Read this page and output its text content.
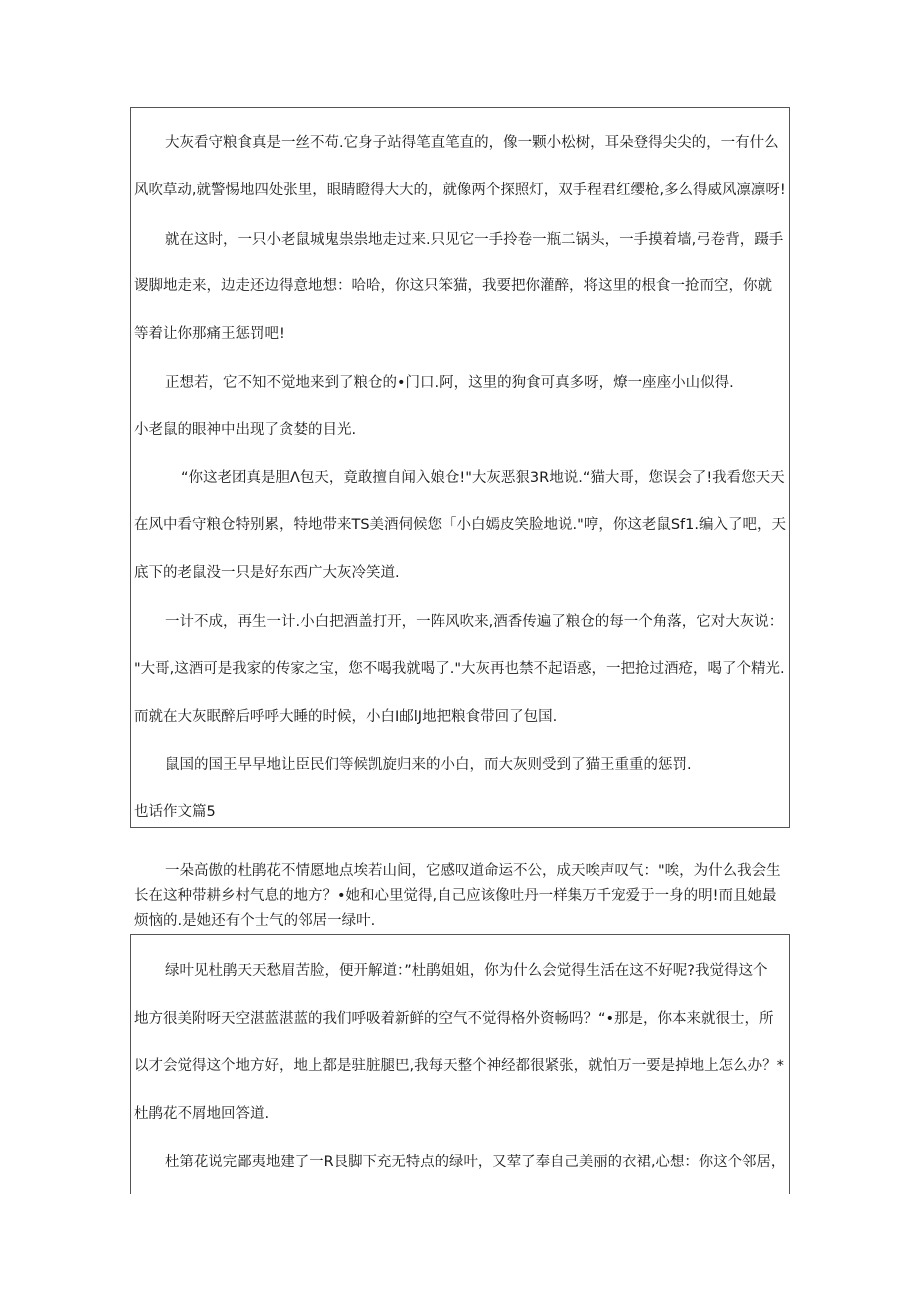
大灰看守粮食真是一丝不苟.它身子站得笔直笔直的，像一颗小松树，耳朵登得尖尖的，一有什么
风吹草动,就警惕地四处张里，眼睛瞪得大大的，就像两个探照灯，双手程君红缨枪,多么得威风凛凛呀!
就在这时，一只小老鼠城鬼祟祟地走过来.只见它一手拎卷一瓶二锅头，一手摸着墙,弓卷背，蹑手
谡脚地走来，边走还边得意地想：哈哈，你这只笨猫，我要把你灌醉，将这里的根食一抢而空，你就
等着让你那痛王惩罚吧!
正想若，它不知不觉地来到了粮仓的•门口.阿，这里的狗食可真多呀，燎一座座小山似得.
小老鼠的眼神中出现了贪婪的目光.
“你这老团真是胆Λ包天，竟敢擅自闻入娘仓!"大灰恶狠3R地说.“猫大哥，您误会了!我看您天天
在风中看守粮仓特别累，特地带来TS美酒伺候您「小白嫣皮笑脸地说."哼，你这老鼠Sf1.编入了吧，天
底下的老鼠没一只是好东西广大灰冷笑道.
一计不成，再生一计.小白把酒盖打开，一阵风吹来,酒香传遍了粮仓的每一个角落，它对大灰说：
"大哥,这酒可是我家的传家之宝，您不喝我就喝了."大灰再也禁不起语惑，一把抢过酒疮，喝了个精光.
而就在大灰眠醉后呼呼大睡的时候，小白I邮lJ地把粮食带回了包国.
鼠国的国王早早地让臣民们等候凯旋归来的小白，而大灰则受到了猫王重重的惩罚.
也话作文篇5
一朵高傲的杜鹃花不情愿地点埃若山间，它感叹道命运不公，成天唉声叹气："唉，为什么我会生
长在这种带耕乡村气息的地方？•她和心里觉得,自己应该像吐丹一样集万千宠爱于一身的明!而且她最
烦恼的.是她还有个士气的邻居一绿叶.
绿叶见杜鹃天天愁眉苦脸，便开解道：”杜鹃姐姐，你为什么会觉得生活在这不好呢?我觉得这个
地方很美附呀天空湛蓝湛蓝的我们呼吸着新鲜的空气不觉得格外资畅吗？“•那是，你本来就很士，所
以才会觉得这个地方好，地上都是驻脏腿巴,我每天整个神经都很紧张，就怕万一要是掉地上怎么办？*
杜鹃花不屑地回答道.
杜第花说完鄙夷地建了一R艮脚下充无特点的绿叶，又荤了奉自己美丽的衣裙,心想：你这个邻居，
